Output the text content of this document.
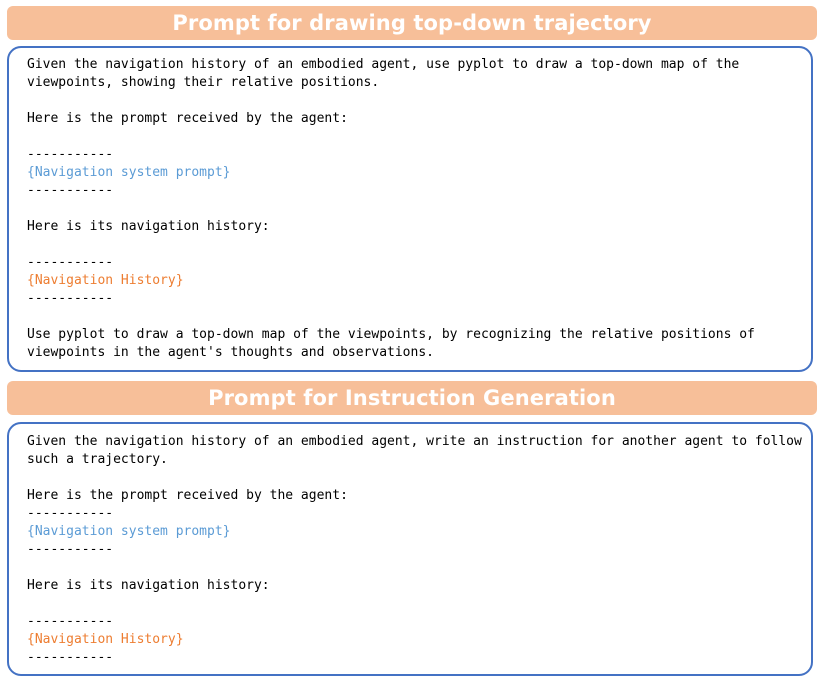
Prompt for drawing top-down trajectory
Given the navigation history of an embodied agent, use pyplot to draw a top-down map of the
viewpoints, showing their relative positions.
Here is the prompt received by the agent:
-----------
{Navigation system prompt}
-----------
Here is its navigation history:
-----------
{Navigation History}
-----------
Use pyplot to draw a top-down map of the viewpoints, by recognizing the relative positions of
viewpoints in the agent's thoughts and observations.
Prompt for Instruction Generation
Given the navigation history of an embodied agent, write an instruction for another agent to follow
such a trajectory.
Here is the prompt received by the agent:
-----------
{Navigation system prompt}
-----------
Here is its navigation history:
-----------
{Navigation History}
-----------
